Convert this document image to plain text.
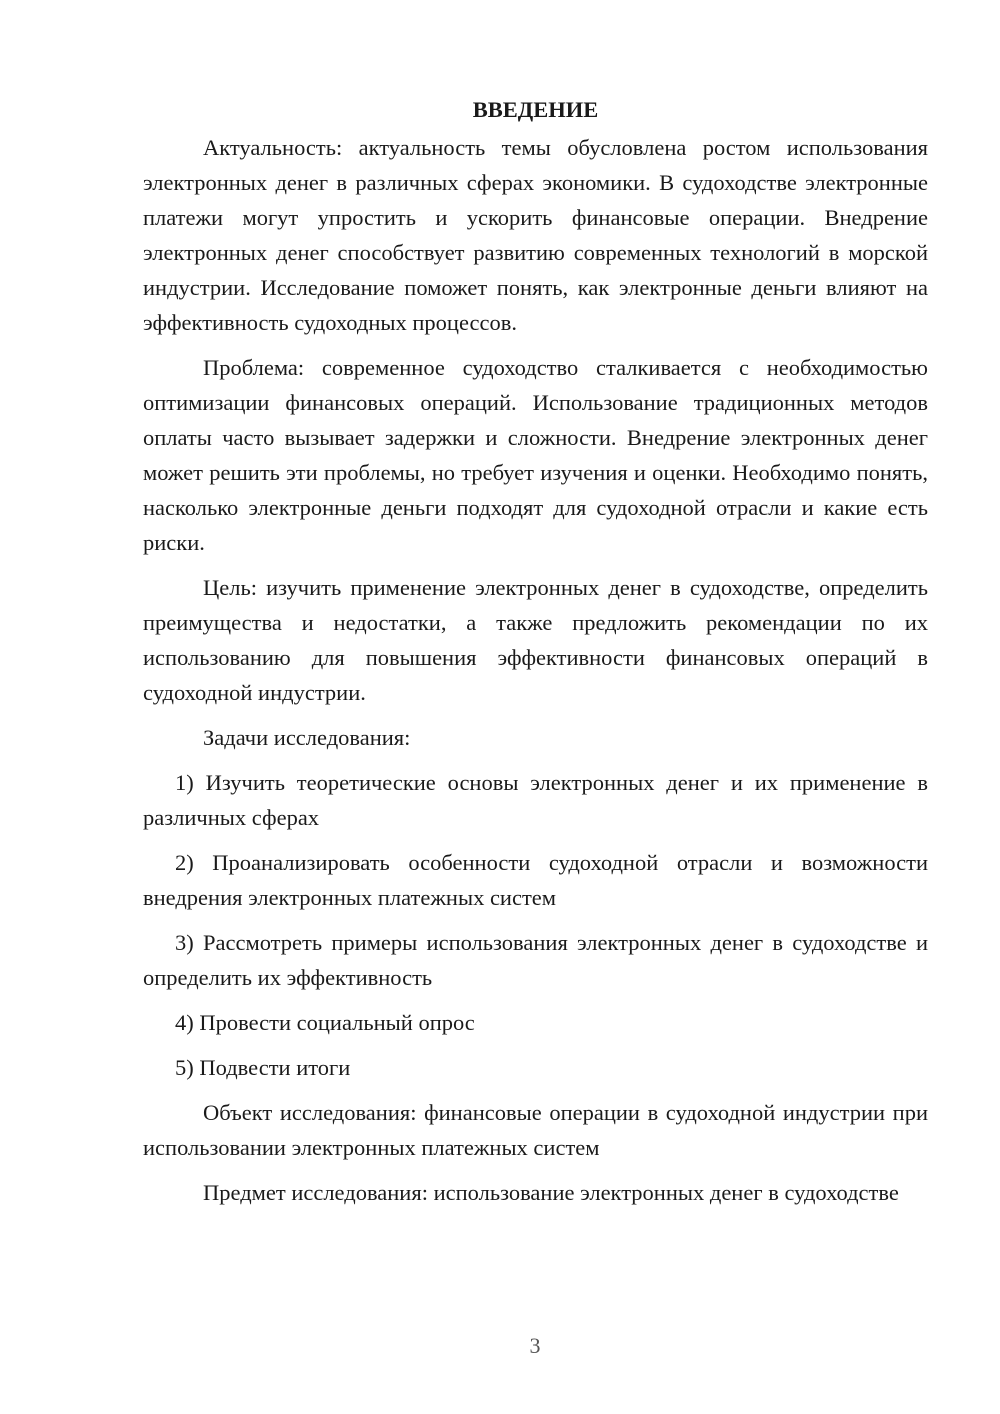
ВВЕДЕНИЕ

Актуальность: актуальность темы обусловлена ростом использования электронных денег в различных сферах экономики. В судоходстве электронные платежи могут упростить и ускорить финансовые операции. Внедрение электронных денег способствует развитию современных технологий в морской индустрии. Исследование поможет понять, как электронные деньги влияют на эффективность судоходных процессов.

Проблема: современное судоходство сталкивается с необходимостью оптимизации финансовых операций. Использование традиционных методов оплаты часто вызывает задержки и сложности. Внедрение электронных денег может решить эти проблемы, но требует изучения и оценки. Необходимо понять, насколько электронные деньги подходят для судоходной отрасли и какие есть риски.

Цель: изучить применение электронных денег в судоходстве, определить преимущества и недостатки, а также предложить рекомендации по их использованию для повышения эффективности финансовых операций в судоходной индустрии.

Задачи исследования:

1) Изучить теоретические основы электронных денег и их применение в различных сферах

2) Проанализировать особенности судоходной отрасли и возможности внедрения электронных платежных систем

3) Рассмотреть примеры использования электронных денег в судоходстве и определить их эффективность

4) Провести социальный опрос

5) Подвести итоги

Объект исследования: финансовые операции в судоходной индустрии при использовании электронных платежных систем

Предмет исследования: использование электронных денег в судоходстве

3
